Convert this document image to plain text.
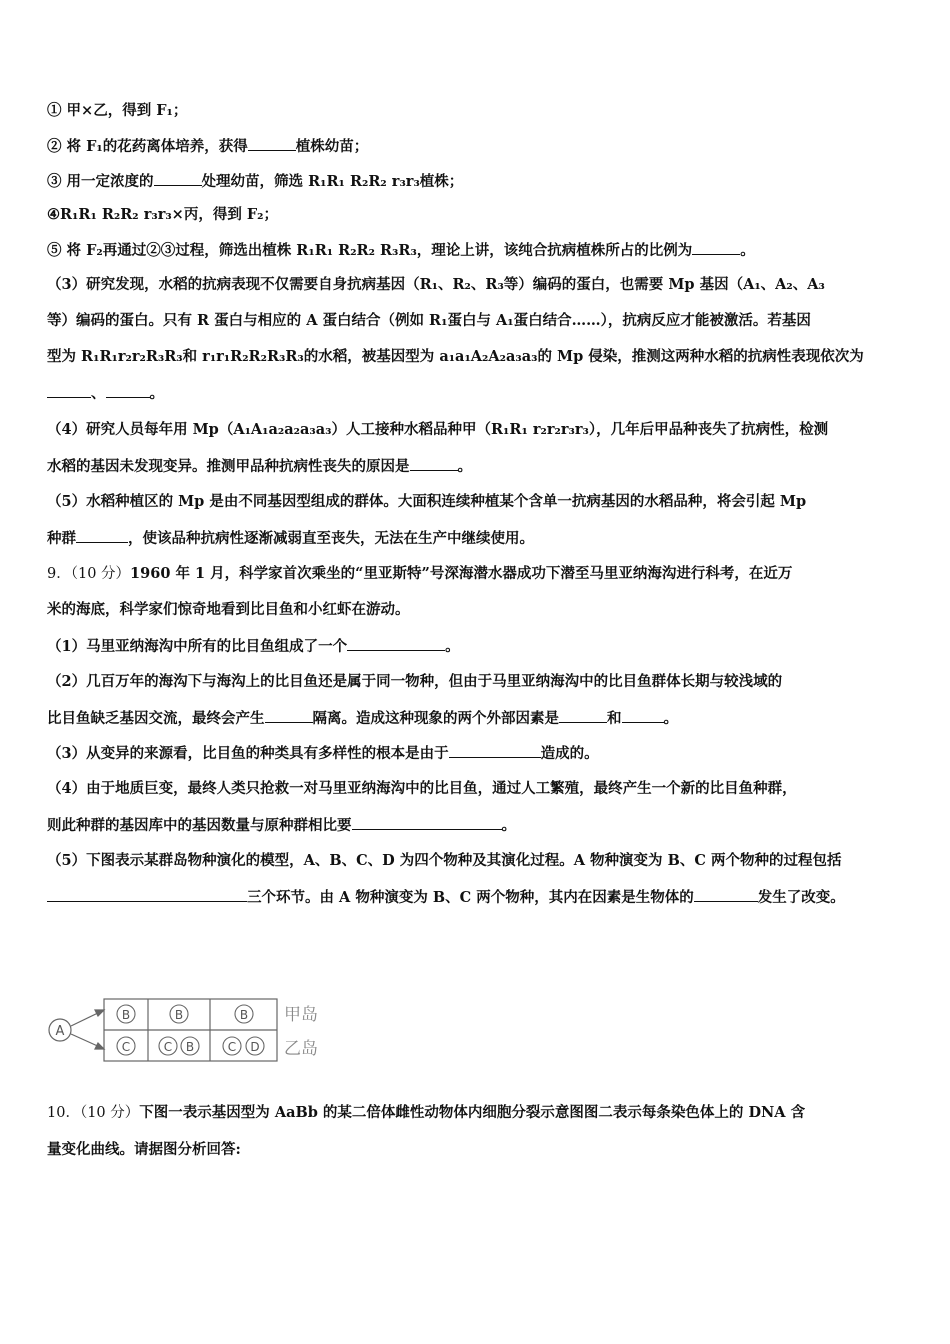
① 甲×乙，得到 F₁；
② 将 F₁的花药离体培养，获得	植株幼苗；
③ 用一定浓度的	处理幼苗，筛选 R₁R₁ R₂R₂ r₃r₃植株；
④R₁R₁ R₂R₂ r₃r₃×丙，得到 F₂；
⑤ 将 F₂再通过②③过程，筛选出植株 R₁R₁ R₂R₂ R₃R₃，理论上讲，该纯合抗病植株所占的比例为	。
（3）研究发现，水稻的抗病表现不仅需要自身抗病基因（R₁、R₂、R₃等）编码的蛋白，也需要 Mp 基因（A₁、A₂、A₃
等）编码的蛋白。只有 R 蛋白与相应的 A 蛋白结合（例如 R₁蛋白与 A₁蛋白结合……），抗病反应才能被激活。若基因
型为 R₁R₁r₂r₂R₃R₃和 r₁r₁R₂R₂R₃R₃的水稻，被基因型为 a₁a₁A₂A₂a₃a₃的 Mp 侵染，推测这两种水稻的抗病性表现依次为
、	。
（4）研究人员每年用 Mp（A₁A₁a₂a₂a₃a₃）人工接种水稻品种甲（R₁R₁ r₂r₂r₃r₃），几年后甲品种丧失了抗病性，检测
水稻的基因未发现变异。推测甲品种抗病性丧失的原因是	。
（5）水稻种植区的 Mp 是由不同基因型组成的群体。大面积连续种植某个含单一抗病基因的水稻品种，将会引起 Mp
种群	，使该品种抗病性逐渐减弱直至丧失，无法在生产中继续使用。
9．（10 分）1960 年 1 月，科学家首次乘坐的“里亚斯特”号深海潜水器成功下潜至马里亚纳海沟进行科考，在近万
米的海底，科学家们惊奇地看到比目鱼和小红虾在游动。
（1）马里亚纳海沟中所有的比目鱼组成了一个	。
（2）几百万年的海沟下与海沟上的比目鱼还是属于同一物种，但由于马里亚纳海沟中的比目鱼群体长期与较浅域的
比目鱼缺乏基因交流，最终会产生	隔离。造成这种现象的两个外部因素是	和	。
（3）从变异的来源看，比目鱼的种类具有多样性的根本是由于	造成的。
（4）由于地质巨变，最终人类只抢救一对马里亚纳海沟中的比目鱼，通过人工繁殖，最终产生一个新的比目鱼种群，
则此种群的基因库中的基因数量与原种群相比要	。
（5）下图表示某群岛物种演化的模型，A、B、C、D 为四个物种及其演化过程。A 物种演变为 B、C 两个物种的过程包括
三个环节。由 A 物种演变为 B、C 两个物种，其内在因素是生物体的	发生了改变。
A
B	B	B
C	C B	C D
甲岛
乙岛
10．（10 分）下图一表示基因型为 AaBb 的某二倍体雌性动物体内细胞分裂示意图图二表示每条染色体上的 DNA 含
量变化曲线。请据图分析回答:
